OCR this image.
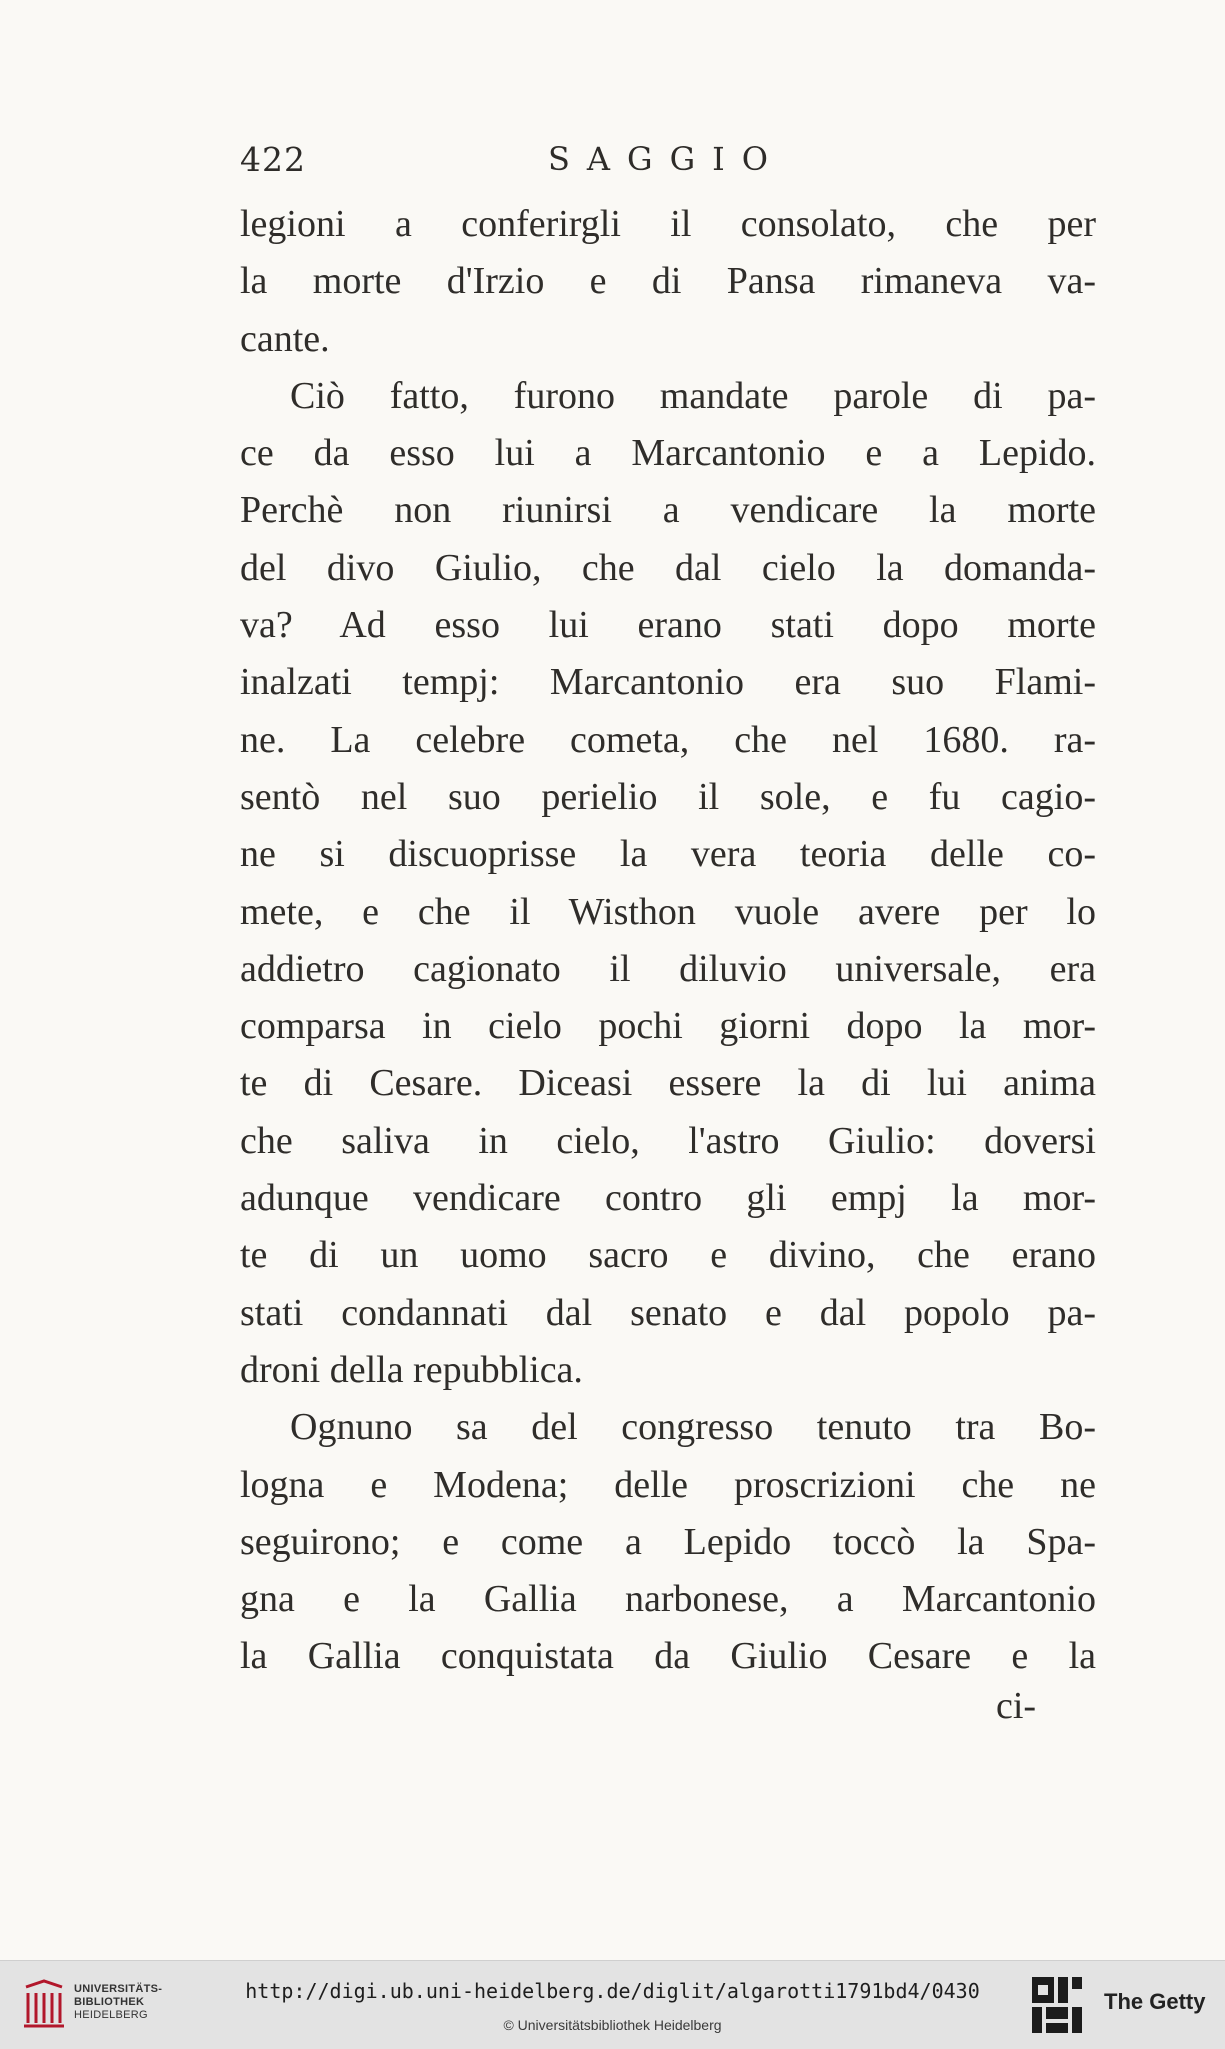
422	SAGGIO
legioni a conferirgli il consolato, che per
la morte d'Irzio e di Pansa rimaneva va-
cante.
Ciò fatto, furono mandate parole di pa-
ce da esso lui a Marcantonio e a Lepido.
Perchè non riunirsi a vendicare la morte
del divo Giulio, che dal cielo la domanda-
va? Ad esso lui erano stati dopo morte
inalzati tempj: Marcantonio era suo Flami-
ne. La celebre cometa, che nel 1680. ra-
sentò nel suo perielio il sole, e fu cagio-
ne si discuoprisse la vera teoria delle co-
mete, e che il Wisthon vuole avere per lo
addietro cagionato il diluvio universale, era
comparsa in cielo pochi giorni dopo la mor-
te di Cesare. Diceasi essere la di lui anima
che saliva in cielo, l'astro Giulio: doversi
adunque vendicare contro gli empj la mor-
te di un uomo sacro e divino, che erano
stati condannati dal senato e dal popolo pa-
droni della repubblica.
Ognuno sa del congresso tenuto tra Bo-
logna e Modena; delle proscrizioni che ne
seguirono; e come a Lepido toccò la Spa-
gna e la Gallia narbonese, a Marcantonio
la Gallia conquistata da Giulio Cesare e la
ci-
UNIVERSITÄTS-
BIBLIOTHEK
HEIDELBERG
http://digi.ub.uni-heidelberg.de/diglit/algarotti1791bd4/0430
© Universitätsbibliothek Heidelberg
The Getty
